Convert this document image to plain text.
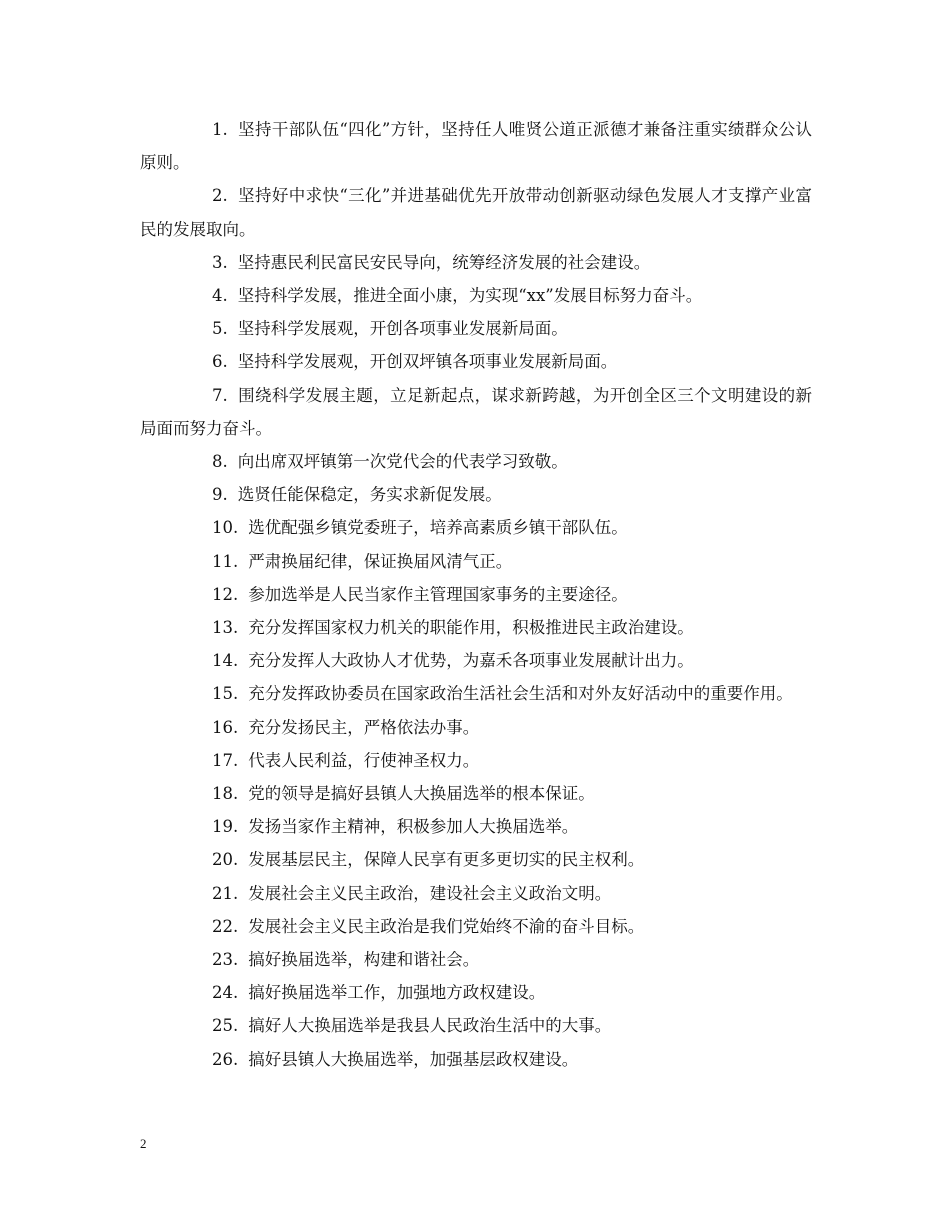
1. 坚持干部队伍“四化”方针，坚持任人唯贤公道正派德才兼备注重实绩群众公认原则。

2. 坚持好中求快“三化”并进基础优先开放带动创新驱动绿色发展人才支撑产业富民的发展取向。

3. 坚持惠民利民富民安民导向，统筹经济发展的社会建设。

4. 坚持科学发展，推进全面小康，为实现“xx”发展目标努力奋斗。

5. 坚持科学发展观，开创各项事业发展新局面。

6. 坚持科学发展观，开创双坪镇各项事业发展新局面。

7. 围绕科学发展主题，立足新起点，谋求新跨越，为开创全区三个文明建设的新局面而努力奋斗。

8. 向出席双坪镇第一次党代会的代表学习致敬。

9. 选贤任能保稳定，务实求新促发展。

10. 选优配强乡镇党委班子，培养高素质乡镇干部队伍。

11. 严肃换届纪律，保证换届风清气正。

12. 参加选举是人民当家作主管理国家事务的主要途径。

13. 充分发挥国家权力机关的职能作用，积极推进民主政治建设。

14. 充分发挥人大政协人才优势，为嘉禾各项事业发展献计出力。

15. 充分发挥政协委员在国家政治生活社会生活和对外友好活动中的重要作用。

16. 充分发扬民主，严格依法办事。

17. 代表人民利益，行使神圣权力。

18. 党的领导是搞好县镇人大换届选举的根本保证。

19. 发扬当家作主精神，积极参加人大换届选举。

20. 发展基层民主，保障人民享有更多更切实的民主权利。

21. 发展社会主义民主政治，建设社会主义政治文明。

22. 发展社会主义民主政治是我们党始终不渝的奋斗目标。

23. 搞好换届选举，构建和谐社会。

24. 搞好换届选举工作，加强地方政权建设。

25. 搞好人大换届选举是我县人民政治生活中的大事。

26. 搞好县镇人大换届选举，加强基层政权建设。

2
